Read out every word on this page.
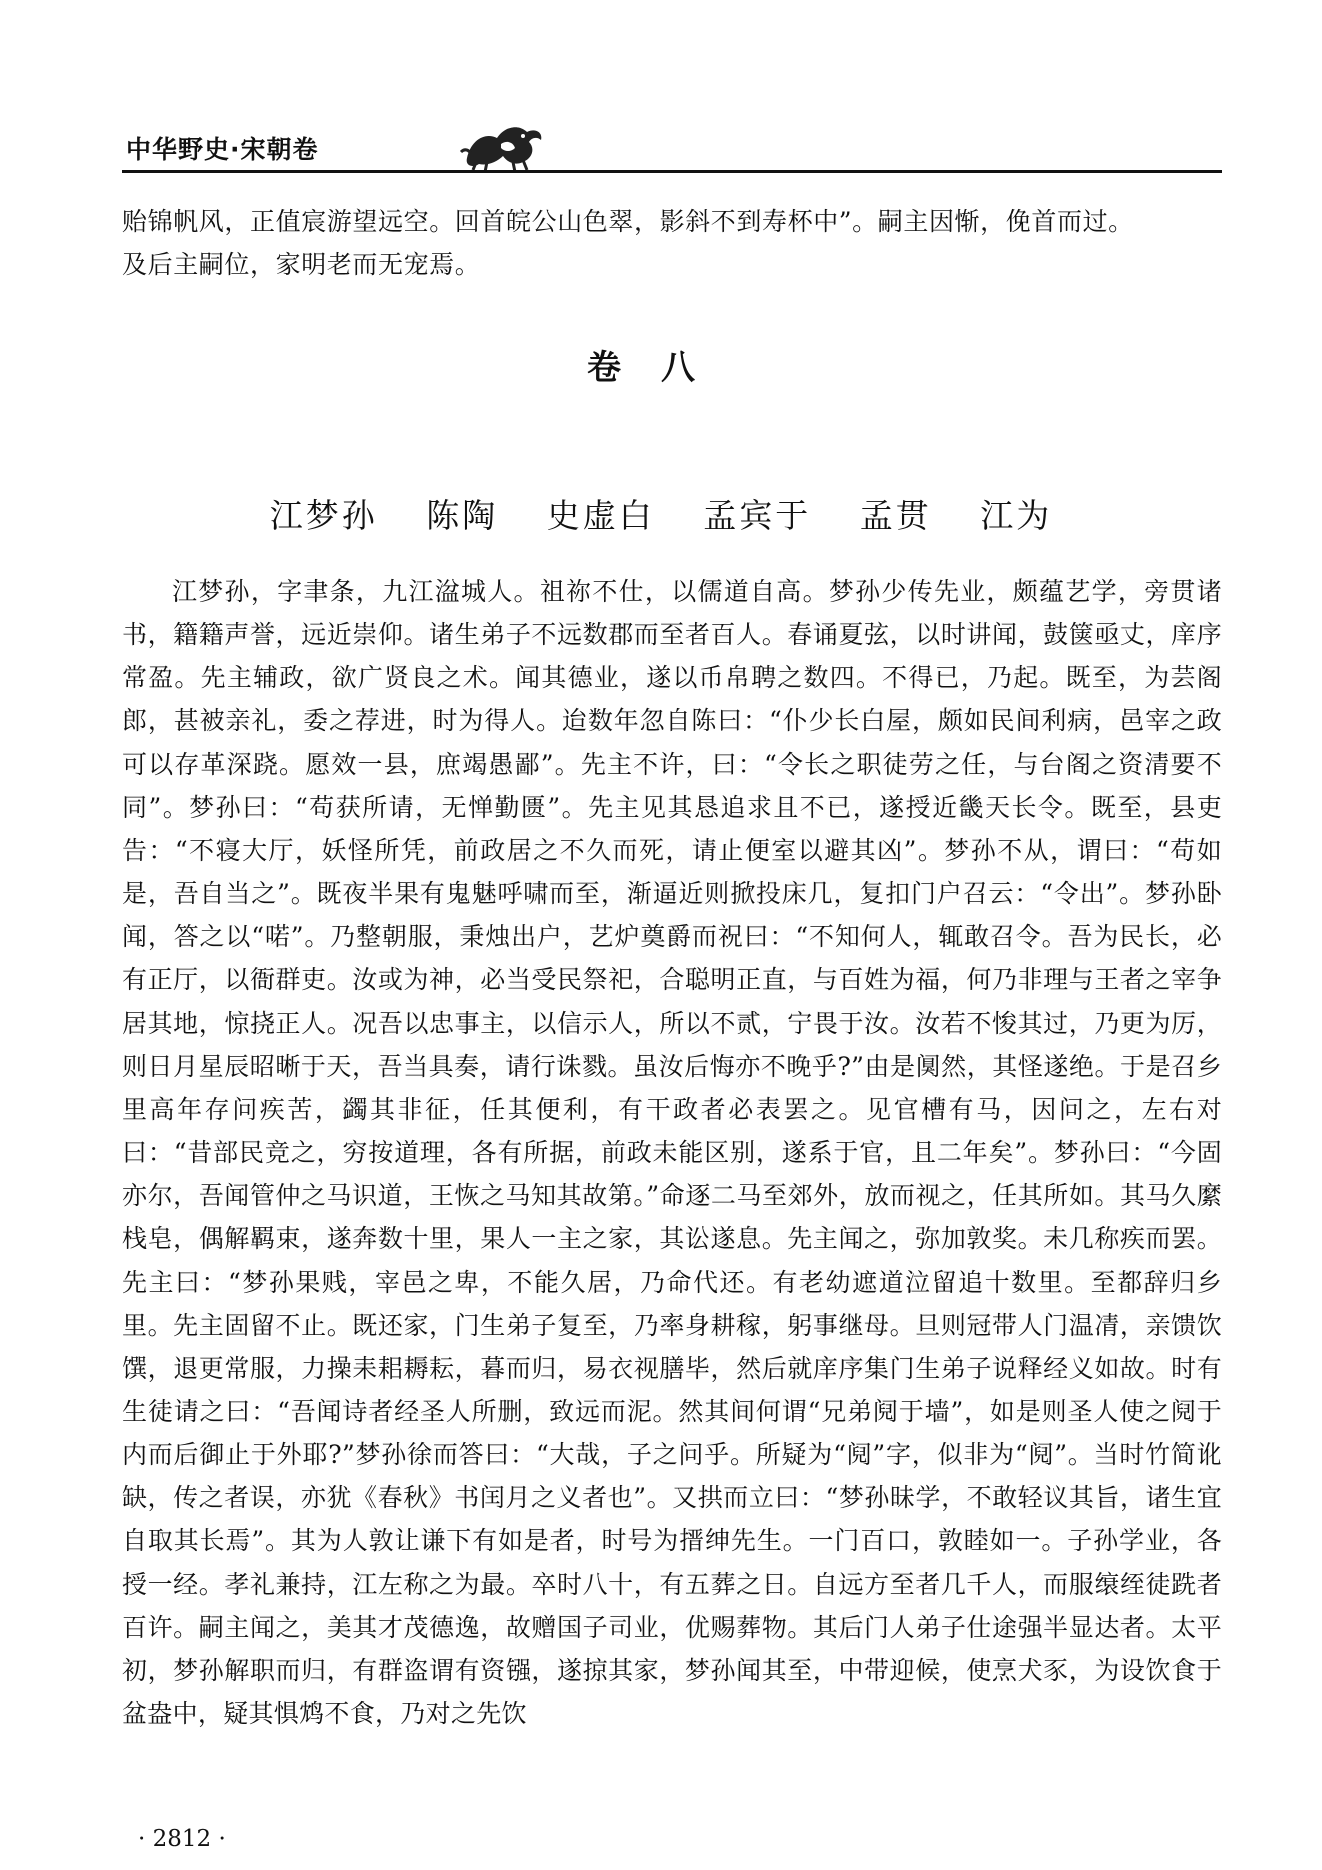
中华野史·宋朝卷

贻锦帆风，正值宸游望远空。回首皖公山色翠，影斜不到寿杯中”。嗣主因惭，俛首而过。

及后主嗣位，家明老而无宠焉。

卷八
江梦孙 陈陶 史虚白 孟宾于 孟贯 江为

江梦孙，字聿条，九江湓城人。祖祢不仕，以儒道自高。梦孙少传先业，颇蕴艺学，旁贯诸书，籍籍声誉，远近崇仰。诸生弟子不远数郡而至者百人。春诵夏弦，以时讲闻，鼓箧亟丈，庠序常盈。先主辅政，欲广贤良之术。闻其德业，遂以币帛聘之数四。不得已，乃起。既至，为芸阁郎，甚被亲礼，委之荐进，时为得人。迨数年忽自陈曰：“仆少长白屋，颇如民间利病，邑宰之政可以存革深跷。愿效一县，庶竭愚鄙”。先主不许，曰：“令长之职徒劳之任，与台阁之资清要不同”。梦孙曰：“苟获所请，无惮勤匮”。先主见其恳追求且不已，遂授近畿天长令。既至，县吏告：“不寝大厅，妖怪所凭，前政居之不久而死，请止便室以避其凶”。梦孙不从，谓曰：“苟如是，吾自当之”。既夜半果有鬼魅呼啸而至，渐逼近则掀投床几，复扣门户召云：“令出”。梦孙卧闻，答之以“喏”。乃整朝服，秉烛出户，艺炉奠爵而祝曰：“不知何人，辄敢召令。吾为民长，必有正厅，以衙群吏。汝或为神，必当受民祭祀，合聪明正直，与百姓为福，何乃非理与王者之宰争居其地，惊挠正人。况吾以忠事主，以信示人，所以不贰，宁畏于汝。汝若不悛其过，乃更为厉，则日月星辰昭晰于天，吾当具奏，请行诛戮。虽汝后悔亦不晚乎?”由是阒然，其怪遂绝。于是召乡里高年存问疾苦，蠲其非征，任其便利，有干政者必表罢之。见官槽有马，因问之，左右对曰：“昔部民竞之，穷按道理，各有所据，前政未能区别，遂系于官，且二年矣”。梦孙曰：“今固亦尔，吾闻管仲之马识道，王恢之马知其故第。”命逐二马至郊外，放而视之，任其所如。其马久縻栈皂，偶解羁束，遂奔数十里，果人一主之家，其讼遂息。先主闻之，弥加敦奖。未几称疾而罢。先主曰：“梦孙果贱，宰邑之卑，不能久居，乃命代还。有老幼遮道泣留追十数里。至都辞归乡里。先主固留不止。既还家，门生弟子复至，乃率身耕稼，躬事继母。旦则冠带人门温凊，亲馈饮馔，退更常服，力操耒耜耨耘，暮而归，易衣视膳毕，然后就庠序集门生弟子说释经义如故。时有生徒请之曰：“吾闻诗者经圣人所删，致远而泥。然其间何谓“兄弟阋于墙”，如是则圣人使之阋于内而后御止于外耶?”梦孙徐而答曰：“大哉，子之问乎。所疑为“阋”字，似非为“阋”。当时竹简讹缺，传之者误，亦犹《春秋》书闰月之义者也”。又拱而立曰：“梦孙昧学，不敢轻议其旨，诸生宜自取其长焉”。其为人敦让谦下有如是者，时号为搢绅先生。一门百口，敦睦如一。子孙学业，各授一经。孝礼兼持，江左称之为最。卒时八十，有五葬之日。自远方至者几千人，而服缞绖徒跣者百许。嗣主闻之，美其才茂德逸，故赠国子司业，优赐葬物。其后门人弟子仕途强半显达者。太平初，梦孙解职而归，有群盗谓有资镪，遂掠其家，梦孙闻其至，中带迎候，使烹犬豕，为设饮食于盆盎中，疑其惧鸩不食，乃对之先饮

· 2812 ·
